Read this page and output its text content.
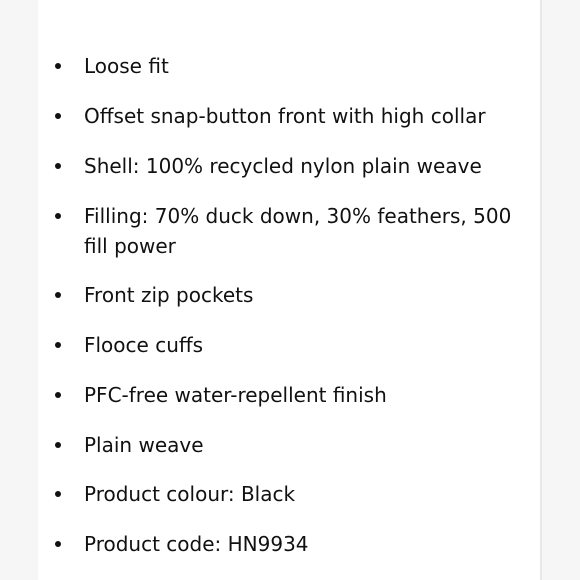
Loose fit
Offset snap-button front with high collar
Shell: 100% recycled nylon plain weave
Filling: 70% duck down, 30% feathers, 500 fill power
Front zip pockets
Flooce cuffs
PFC-free water-repellent finish
Plain weave
Product colour: Black
Product code: HN9934
